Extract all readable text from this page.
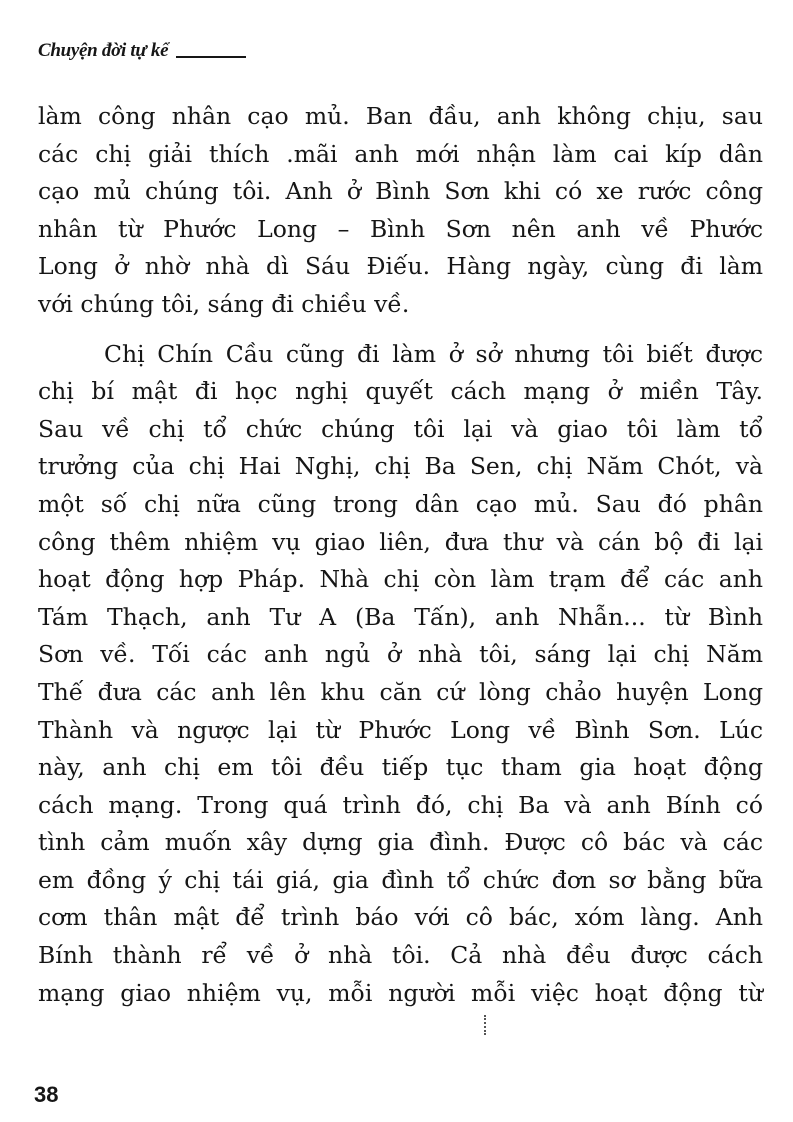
Chuyện đời tự kể
làm công nhân cạo mủ. Ban đầu, anh không chịu, sau
các chị giải thích .mãi anh mới nhận làm cai kíp dân
cạo mủ chúng tôi. Anh ở Bình Sơn khi có xe rước công
nhân từ Phước Long – Bình Sơn nên anh về Phước
Long ở nhờ nhà dì Sáu Điếu. Hàng ngày, cùng đi làm
với chúng tôi, sáng đi chiều về.
Chị Chín Cầu cũng đi làm ở sở nhưng tôi biết được
chị bí mật đi học nghị quyết cách mạng ở miền Tây.
Sau về chị tổ chức chúng tôi lại và giao tôi làm tổ
trưởng của chị Hai Nghị, chị Ba Sen, chị Năm Chót, và
một số chị nữa cũng trong dân cạo mủ. Sau đó phân
công thêm nhiệm vụ giao liên, đưa thư và cán bộ đi lại
hoạt động hợp Pháp. Nhà chị còn làm trạm để các anh
Tám Thạch, anh Tư A (Ba Tấn), anh Nhẫn... từ Bình
Sơn về. Tối các anh ngủ ở nhà tôi, sáng lại chị Năm
Thế đưa các anh lên khu căn cứ lòng chảo huyện Long
Thành và ngược lại từ Phước Long về Bình Sơn. Lúc
này, anh chị em tôi đều tiếp tục tham gia hoạt động
cách mạng. Trong quá trình đó, chị Ba và anh Bính có
tình cảm muốn xây dựng gia đình. Được cô bác và các
em đồng ý chị tái giá, gia đình tổ chức đơn sơ bằng bữa
cơm thân mật để trình báo với cô bác, xóm làng. Anh
Bính thành rể về ở nhà tôi. Cả nhà đều được cách
mạng giao nhiệm vụ, mỗi người mỗi việc hoạt động từ
38
